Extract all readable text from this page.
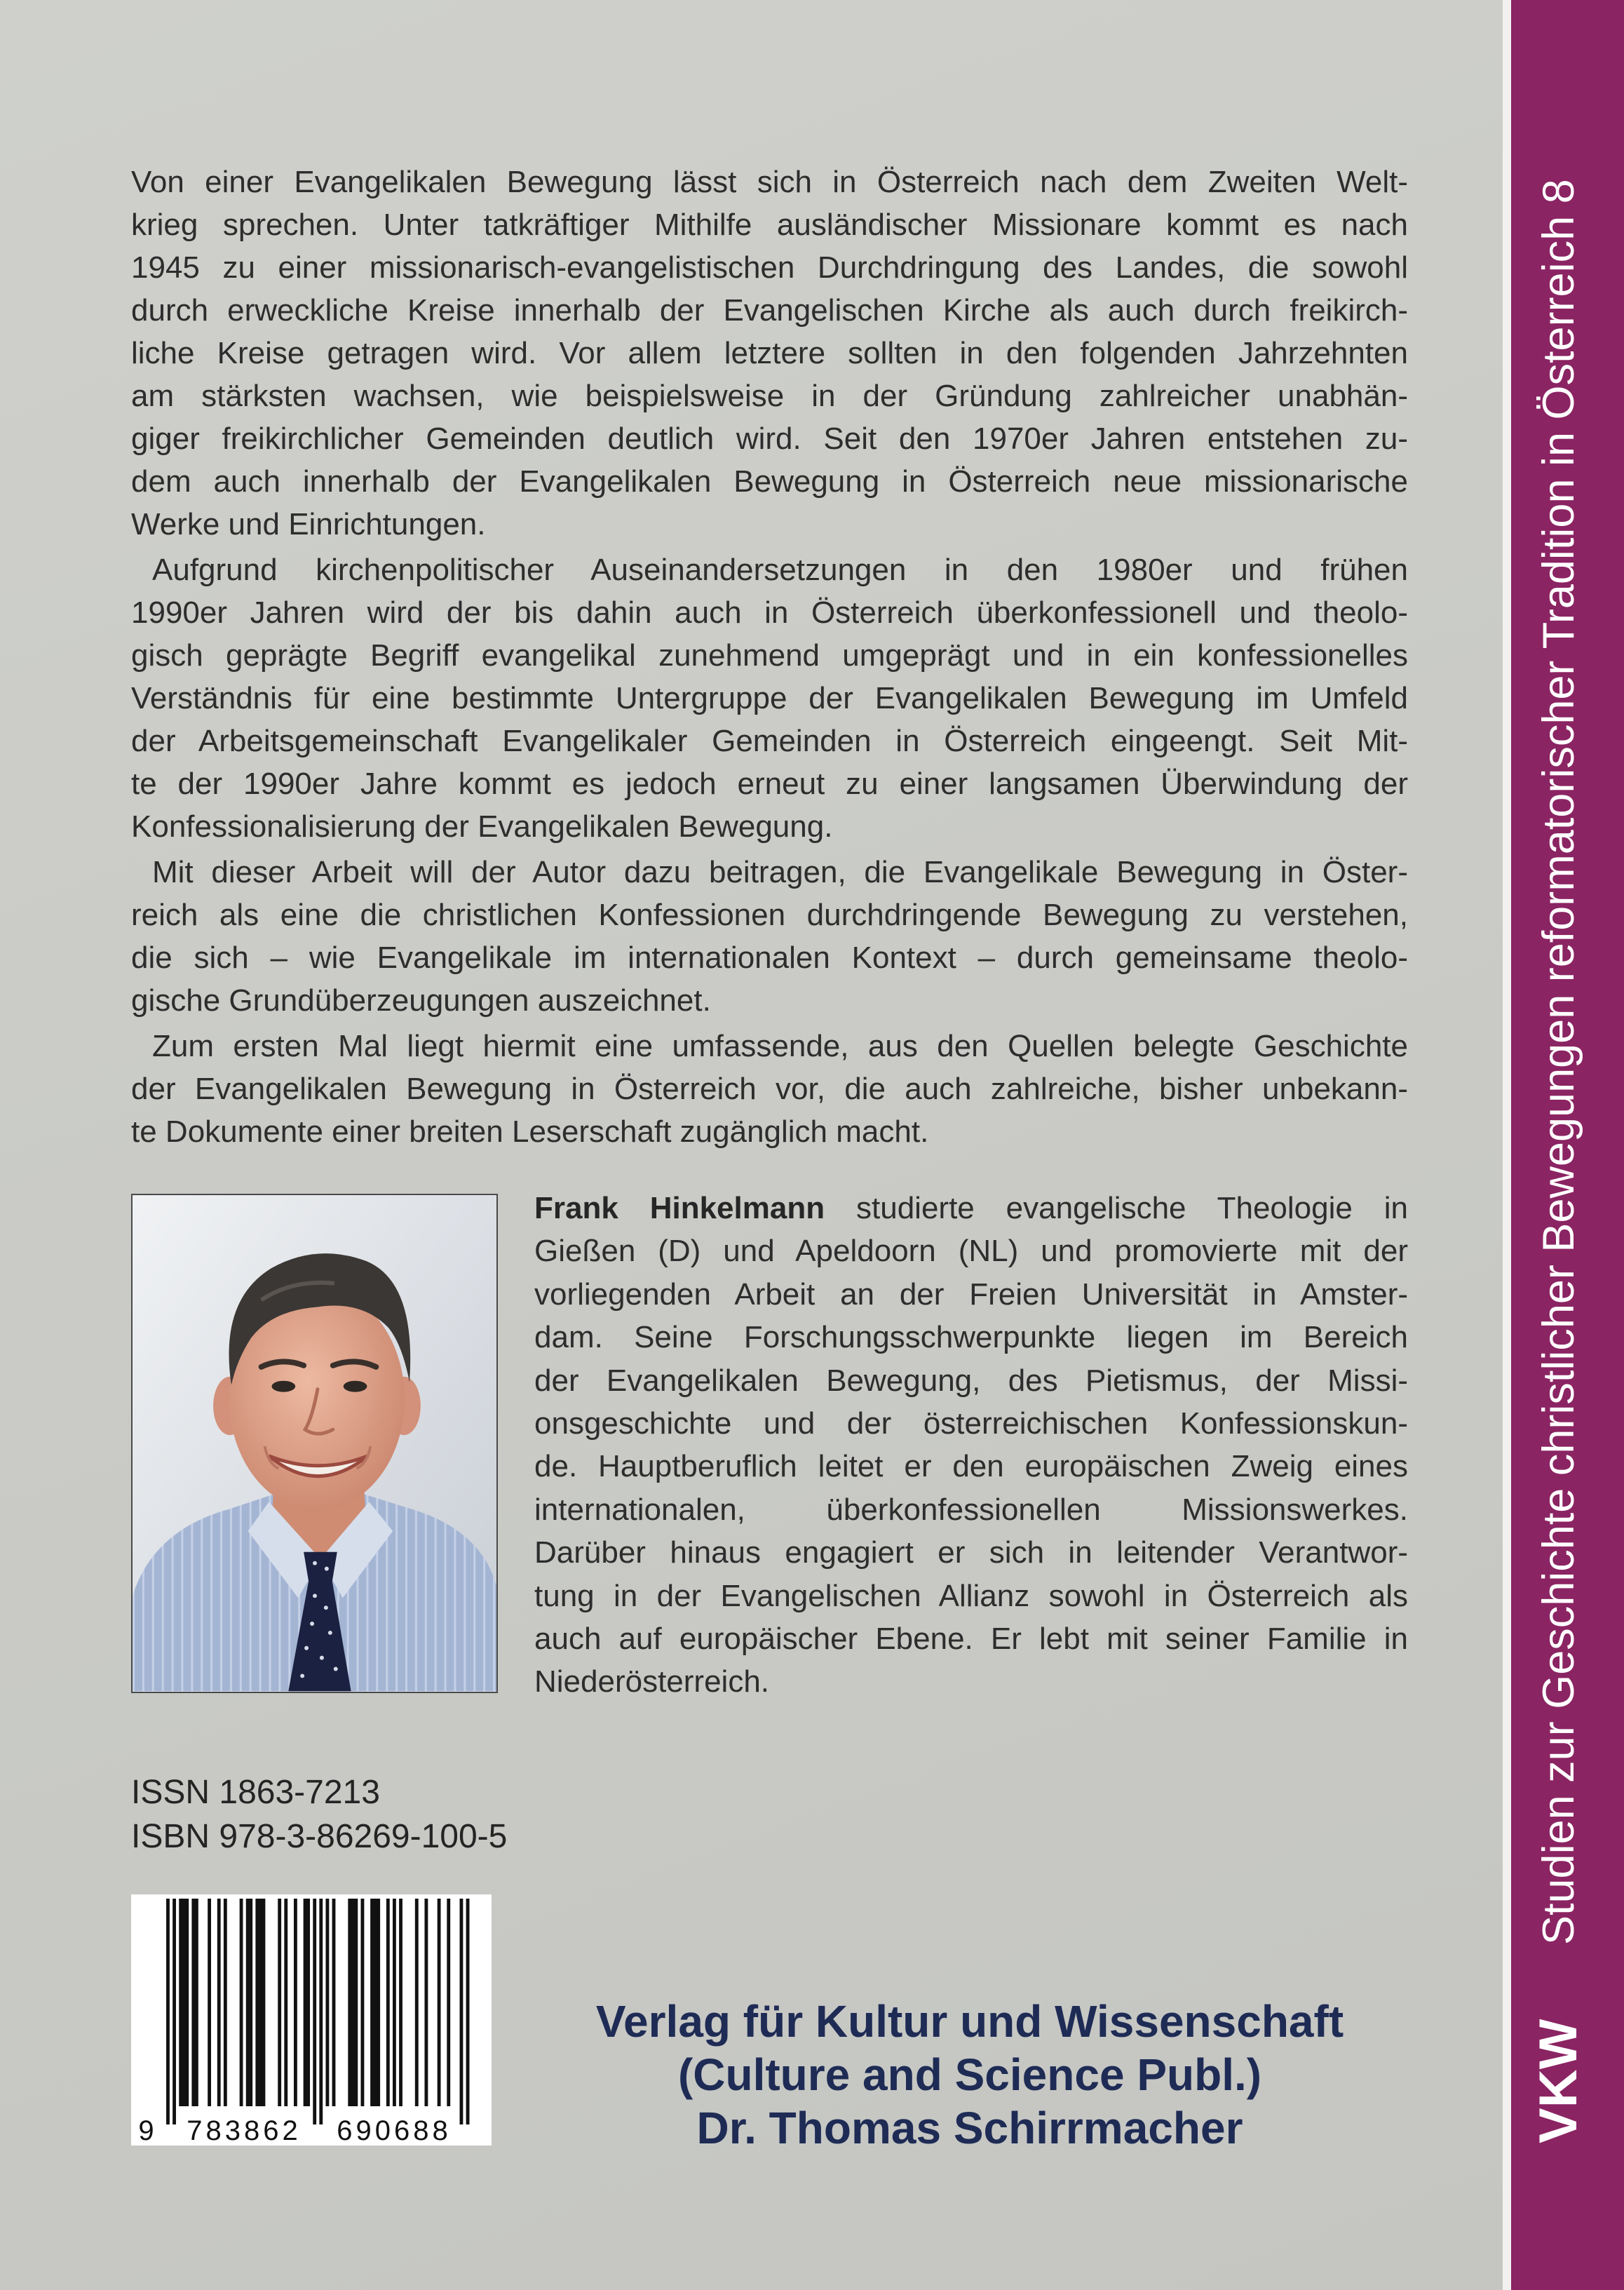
Studien zur Geschichte christlicher Bewegungen reformatorischer Tradition in Österreich 8
VKW
Von einer Evangelikalen Bewegung lässt sich in Österreich nach dem Zweiten Welt-
krieg sprechen. Unter tatkräftiger Mithilfe ausländischer Missionare kommt es nach
1945 zu einer missionarisch-evangelistischen Durchdringung des Landes, die sowohl
durch erweckliche Kreise innerhalb der Evangelischen Kirche als auch durch freikirch-
liche Kreise getragen wird. Vor allem letztere sollten in den folgenden Jahrzehnten
am stärksten wachsen, wie beispielsweise in der Gründung zahlreicher unabhän-
giger freikirchlicher Gemeinden deutlich wird. Seit den 1970er Jahren entstehen zu-
dem auch innerhalb der Evangelikalen Bewegung in Österreich neue missionarische
Werke und Einrichtungen.
Aufgrund kirchenpolitischer Auseinandersetzungen in den 1980er und frühen
1990er Jahren wird der bis dahin auch in Österreich überkonfessionell und theolo-
gisch geprägte Begriff evangelikal zunehmend umgeprägt und in ein konfessionelles
Verständnis für eine bestimmte Untergruppe der Evangelikalen Bewegung im Umfeld
der Arbeitsgemeinschaft Evangelikaler Gemeinden in Österreich eingeengt. Seit Mit-
te der 1990er Jahre kommt es jedoch erneut zu einer langsamen Überwindung der
Konfessionalisierung der Evangelikalen Bewegung.
Mit dieser Arbeit will der Autor dazu beitragen, die Evangelikale Bewegung in Öster-
reich als eine die christlichen Konfessionen durchdringende Bewegung zu verstehen,
die sich – wie Evangelikale im internationalen Kontext – durch gemeinsame theolo-
gische Grundüberzeugungen auszeichnet.
Zum ersten Mal liegt hiermit eine umfassende, aus den Quellen belegte Geschichte
der Evangelikalen Bewegung in Österreich vor, die auch zahlreiche, bisher unbekann-
te Dokumente einer breiten Leserschaft zugänglich macht.
Frank Hinkelmann studierte evangelische Theologie in
Gießen (D) und Apeldoorn (NL) und promovierte mit der
vorliegenden Arbeit an der Freien Universität in Amster-
dam. Seine Forschungsschwerpunkte liegen im Bereich
der Evangelikalen Bewegung, des Pietismus, der Missi-
onsgeschichte und der österreichischen Konfessionskun-
de. Hauptberuflich leitet er den europäischen Zweig eines
internationalen, überkonfessionellen Missionswerkes.
Darüber hinaus engagiert er sich in leitender Verantwor-
tung in der Evangelischen Allianz sowohl in Österreich als
auch auf europäischer Ebene. Er lebt mit seiner Familie in
Niederösterreich.
ISSN 1863-7213
ISBN 978-3-86269-100-5
9 783862 690688
Verlag für Kultur und Wissenschaft
(Culture and Science Publ.)
Dr. Thomas Schirrmacher
